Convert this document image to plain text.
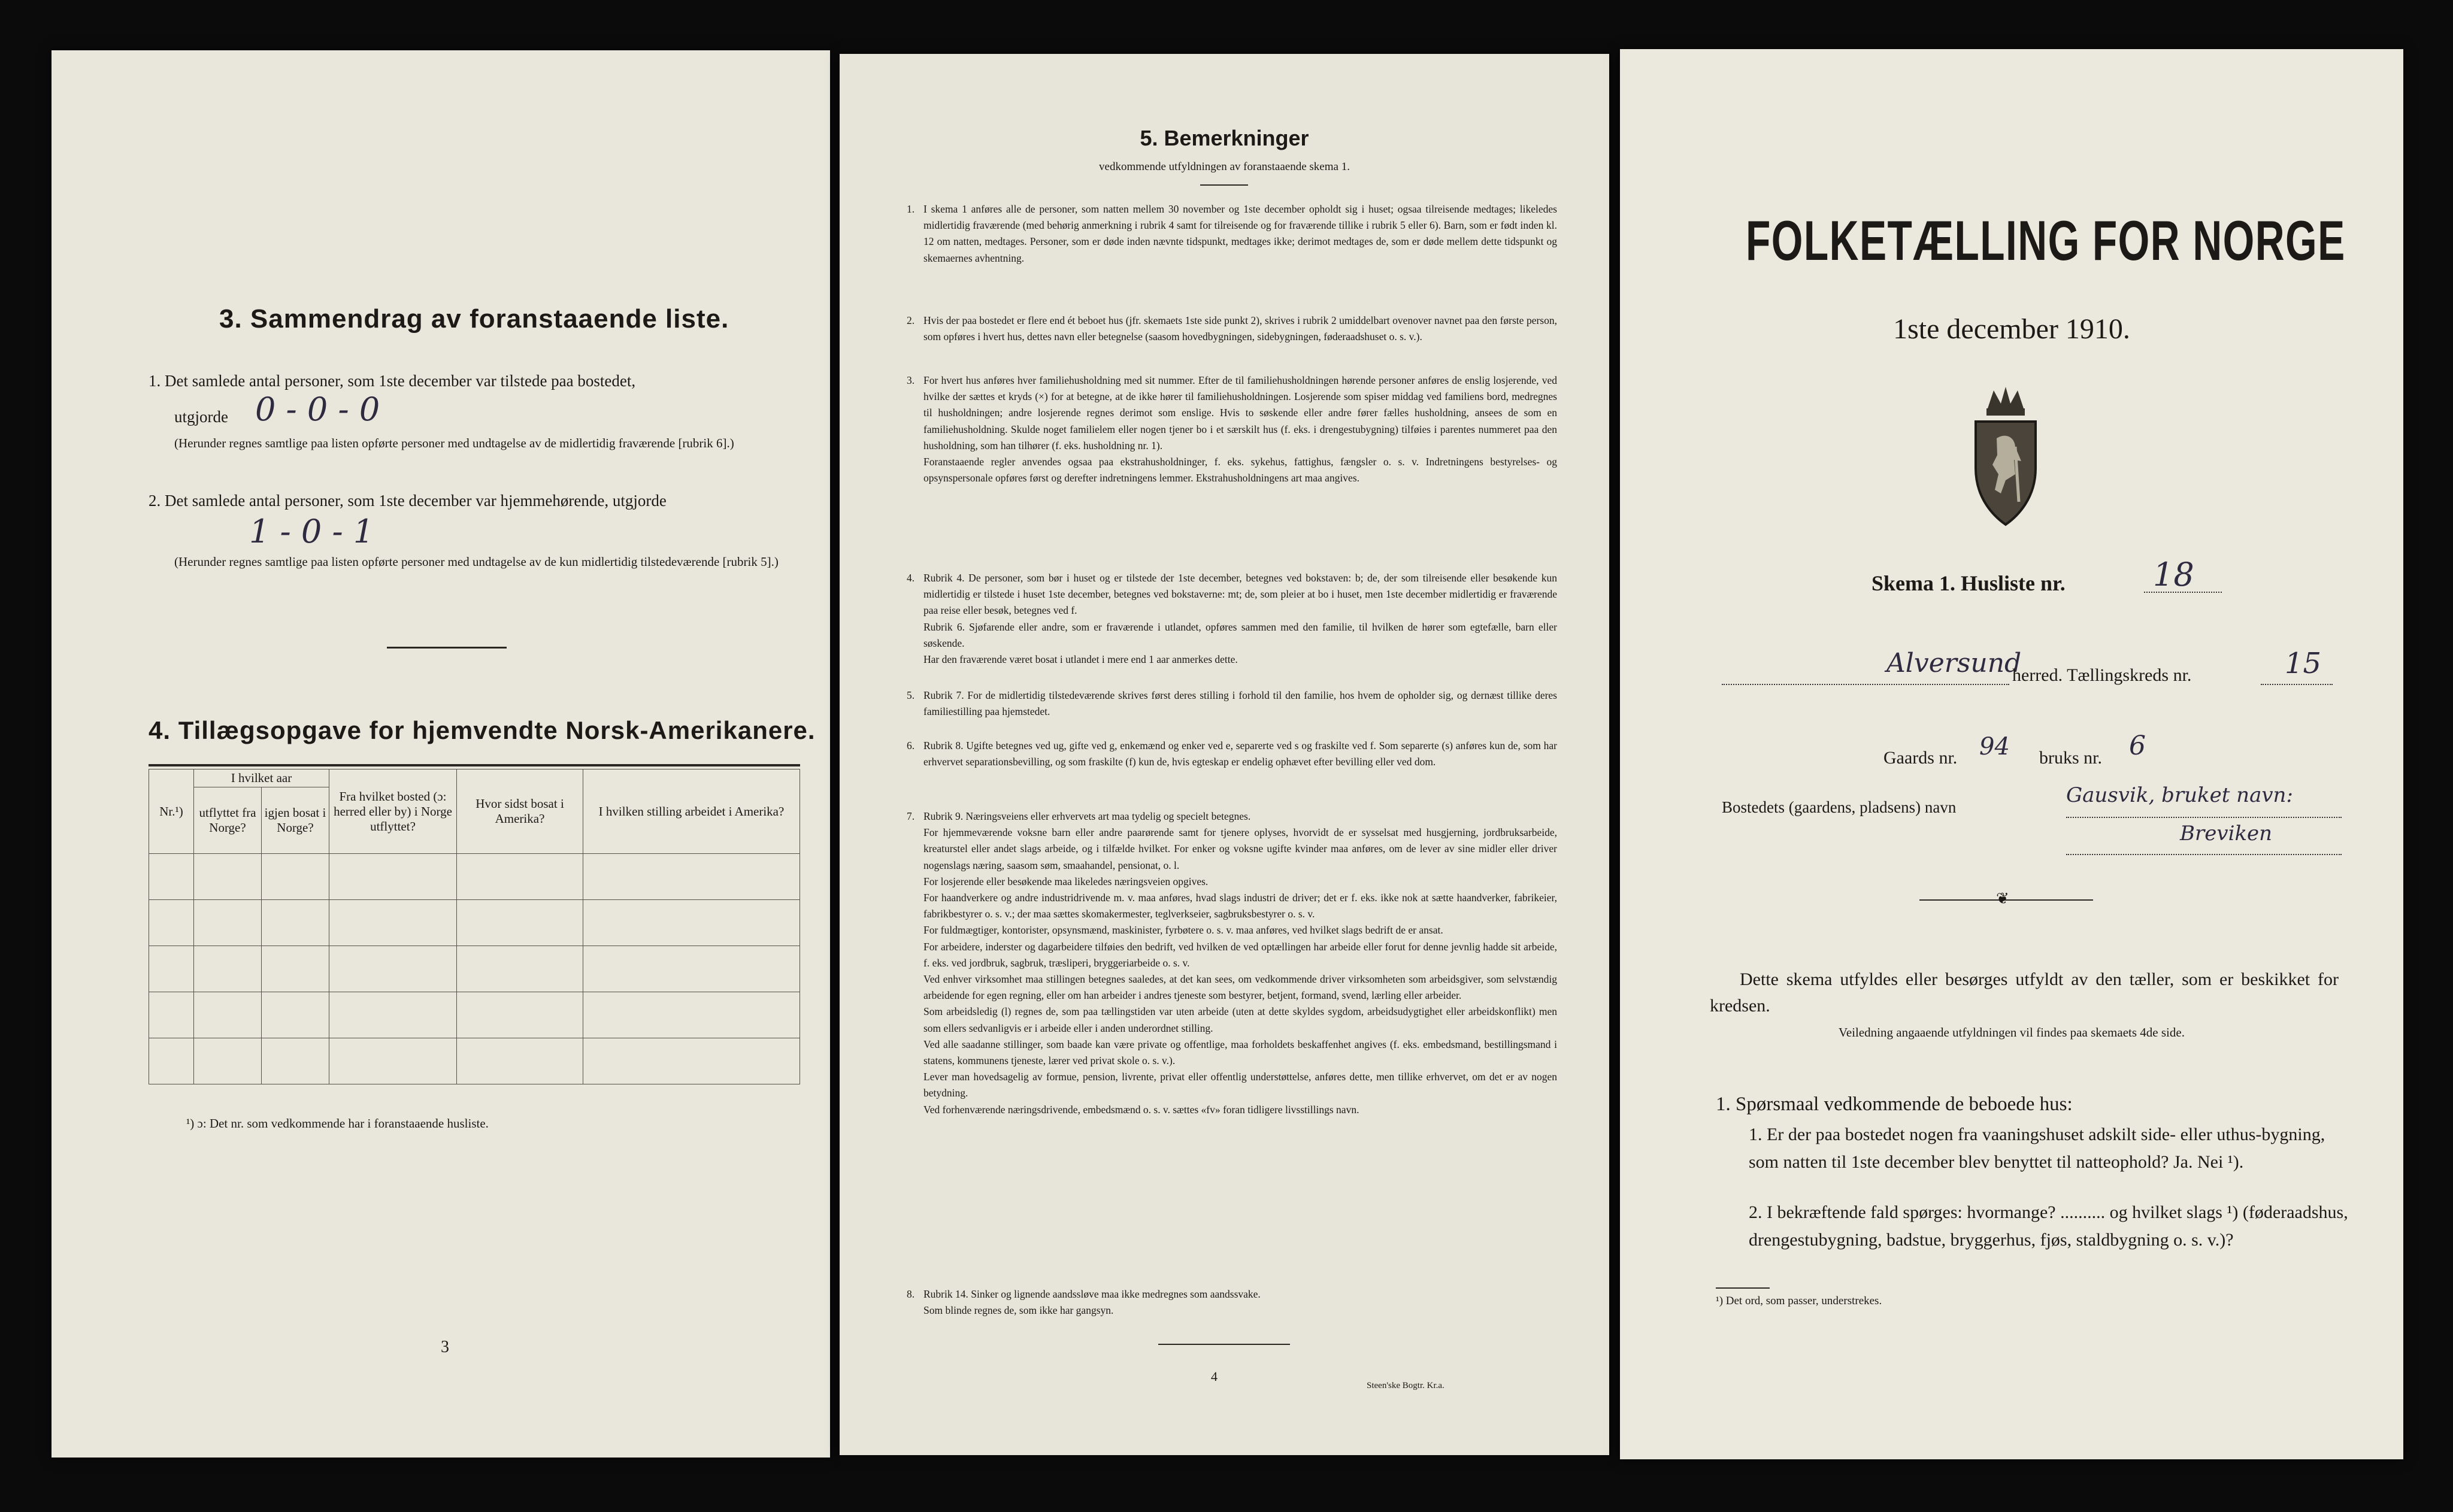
3. Sammendrag av foranstaaende liste.
1. Det samlede antal personer, som 1ste december var tilstede paa bostedet,
utgjorde 0 - 0 - 0
(Herunder regnes samtlige paa listen opførte personer med undtagelse av de midlertidig fraværende [rubrik 6].)
2. Det samlede antal personer, som 1ste december var hjemmehørende, utgjorde
1 - 0 - 1
(Herunder regnes samtlige paa listen opførte personer med undtagelse av de kun midlertidig tilstedeværende [rubrik 5].)
4. Tillægsopgave for hjemvendte Norsk-Amerikanere.
Nr.¹)	I hvilket aar		Fra hvilket bosted (ɔ: herred eller by) i Norge utflyttet?	Hvor sidst bosat i Amerika?	I hvilken stilling arbeidet i Amerika?
	utflyttet fra Norge?	igjen bosat i Norge?			

¹) ɔ: Det nr. som vedkommende har i foranstaaende husliste.
3
5. Bemerkninger
vedkommende utfyldningen av foranstaaende skema 1.
1. I skema 1 anføres alle de personer, som natten mellem 30 november og 1ste december opholdt sig i huset; ogsaa tilreisende medtages; likeledes midlertidig fraværende (med behørig anmerkning i rubrik 4 samt for tilreisende og for fraværende tillike i rubrik 5 eller 6). Barn, som er født inden kl. 12 om natten, medtages. Personer, som er døde inden nævnte tidspunkt, medtages ikke; derimot medtages de, som er døde mellem dette tidspunkt og skemaernes avhentning.
2. Hvis der paa bostedet er flere end ét beboet hus (jfr. skemaets 1ste side punkt 2), skrives i rubrik 2 umiddelbart ovenover navnet paa den første person, som opføres i hvert hus, dettes navn eller betegnelse (saasom hovedbygningen, sidebygningen, føderaadshuset o. s. v.).
3. For hvert hus anføres hver familiehusholdning med sit nummer. Efter de til familiehusholdningen hørende personer anføres de enslig losjerende, ved hvilke der sættes et kryds (×) for at betegne, at de ikke hører til familiehusholdningen. Losjerende som spiser middag ved familiens bord, medregnes til husholdningen; andre losjerende regnes derimot som enslige. Hvis to søskende eller andre fører fælles husholdning, ansees de som en familiehusholdning. Skulde noget familielem eller nogen tjener bo i et særskilt hus (f. eks. i drengestubygning) tilføies i parentes nummeret paa den husholdning, som han tilhører (f. eks. husholdning nr. 1).
Foranstaaende regler anvendes ogsaa paa ekstrahusholdninger, f. eks. sykehus, fattighus, fængsler o. s. v. Indretningens bestyrelses- og opsynspersonale opføres først og derefter indretningens lemmer. Ekstrahusholdningens art maa angives.
4. Rubrik 4. De personer, som bør i huset og er tilstede der 1ste december, betegnes ved bokstaven: b; de, der som tilreisende eller besøkende kun midlertidig er tilstede i huset 1ste december, betegnes ved bokstaverne: mt; de, som pleier at bo i huset, men 1ste december midlertidig er fraværende paa reise eller besøk, betegnes ved f.
Rubrik 6. Sjøfarende eller andre, som er fraværende i utlandet, opføres sammen med den familie, til hvilken de hører som egtefælle, barn eller søskende.
Har den fraværende været bosat i utlandet i mere end 1 aar anmerkes dette.
5. Rubrik 7. For de midlertidig tilstedeværende skrives først deres stilling i forhold til den familie, hos hvem de opholder sig, og dernæst tillike deres familiestilling paa hjemstedet.
6. Rubrik 8. Ugifte betegnes ved ug, gifte ved g, enkemænd og enker ved e, separerte ved s og fraskilte ved f. Som separerte (s) anføres kun de, som har erhvervet separationsbevilling, og som fraskilte (f) kun de, hvis egteskap er endelig ophævet efter bevilling eller ved dom.
7. Rubrik 9. Næringsveiens eller erhvervets art maa tydelig og specielt betegnes.
For hjemmeværende voksne barn eller andre paarørende samt for tjenere oplyses, hvorvidt de er sysselsat med husgjerning, jordbruksarbeide, kreaturstel eller andet slags arbeide, og i tilfælde hvilket. For enker og voksne ugifte kvinder maa anføres, om de lever av sine midler eller driver nogenslags næring, saasom søm, smaahandel, pensionat, o. l.
For losjerende eller besøkende maa likeledes næringsveien opgives.
For haandverkere og andre industridrivende m. v. maa anføres, hvad slags industri de driver; det er f. eks. ikke nok at sætte haandverker, fabrikeier, fabrikbestyrer o. s. v.; der maa sættes skomakermester, teglverkseier, sagbruksbestyrer o. s. v.
For fuldmægtiger, kontorister, opsynsmænd, maskinister, fyrbøtere o. s. v. maa anføres, ved hvilket slags bedrift de er ansat.
For arbeidere, inderster og dagarbeidere tilføies den bedrift, ved hvilken de ved optællingen har arbeide eller forut for denne jevnlig hadde sit arbeide, f. eks. ved jordbruk, sagbruk, træsliperi, bryggeriarbeide o. s. v.
Ved enhver virksomhet maa stillingen betegnes saaledes, at det kan sees, om vedkommende driver virksomheten som arbeidsgiver, som selvstændig arbeidende for egen regning, eller om han arbeider i andres tjeneste som bestyrer, betjent, formand, svend, lærling eller arbeider.
Som arbeidsledig (l) regnes de, som paa tællingstiden var uten arbeide (uten at dette skyldes sygdom, arbeidsudygtighet eller arbeidskonflikt) men som ellers sedvanligvis er i arbeide eller i anden underordnet stilling.
Ved alle saadanne stillinger, som baade kan være private og offentlige, maa forholdets beskaffenhet angives (f. eks. embedsmand, bestillingsmand i statens, kommunens tjeneste, lærer ved privat skole o. s. v.).
Lever man hovedsagelig av formue, pension, livrente, privat eller offentlig understøttelse, anføres dette, men tillike erhvervet, om det er av nogen betydning.
Ved forhenværende næringsdrivende, embedsmænd o. s. v. sættes «fv» foran tidligere livsstillings navn.
8. Rubrik 14. Sinker og lignende aandssløve maa ikke medregnes som aandssvake.
Som blinde regnes de, som ikke har gangsyn.
4
Steen'ske Bogtr. Kr.a.
FOLKETÆLLING FOR NORGE
1ste december 1910.
Skema 1. Husliste nr.	18
Alversund
herred. Tællingskreds nr.	15
Gaards nr. 94 bruks nr. 6
Bostedets (gaardens, pladsens) navn	Gausvik, bruket navn:
Breviken
❦
Dette skema utfyldes eller besørges utfyldt av den tæller, som er beskikket for kredsen.
Veiledning angaaende utfyldningen vil findes paa skemaets 4de side.
1. Spørsmaal vedkommende de beboede hus:
1. Er der paa bostedet nogen fra vaaningshuset adskilt side- eller uthus-bygning, som natten til 1ste december blev benyttet til natteophold? Ja. Nei ¹).
2. I bekræftende fald spørges: hvormange? .......... og hvilket slags ¹) (føderaadshus, drengestubygning, badstue, bryggerhus, fjøs, staldbygning o. s. v.)?
¹) Det ord, som passer, understrekes.
